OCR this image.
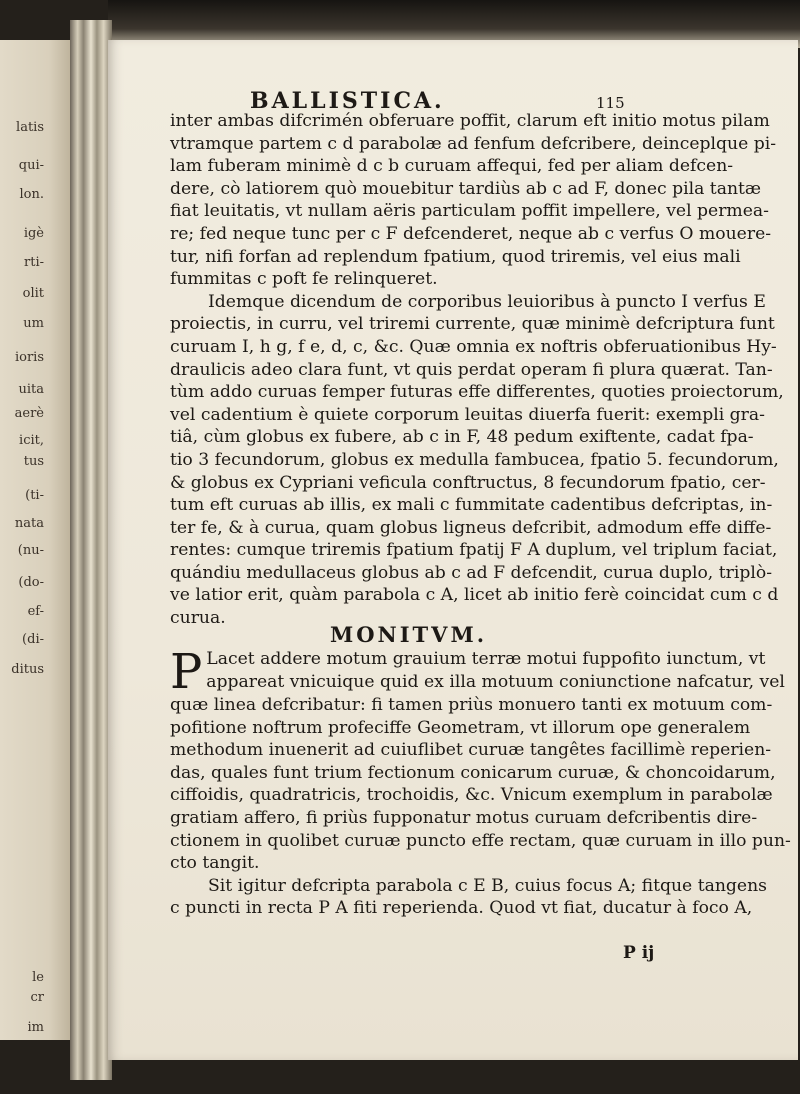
latis
qui-
lon.
igè
rti-
olit
um
ioris
uita
aerè
icit,
tus
(ti-
nata
(nu-
(do-
ef-
(di-
ditus
le
cr
im
BALLISTICA.	115
inter ambas difcrimén obferuare poffit, clarum eft initio motus pilam
vtramque partem c d parabolæ ad fenfum defcribere, deinceplque pi-
lam fuberam minimè d c b curuam affequi, fed per aliam defcen-
dere, cò latiorem quò mouebitur tardiùs ab c ad F, donec pila tantæ
fiat leuitatis, vt nullam aëris particulam poffit impellere, vel permea-
re; fed neque tunc per c F defcenderet, neque ab c verfus O mouere-
tur, nifi forfan ad replendum fpatium, quod triremis, vel eius mali
fummitas c poft fe relinqueret.
Idemque dicendum de corporibus leuioribus à puncto I verfus E
proiectis, in curru, vel triremi currente, quæ minimè defcriptura funt
curuam I, h g, f e, d, c, &c. Quæ omnia ex noftris obferuationibus Hy-
draulicis adeo clara funt, vt quis perdat operam fi plura quærat. Tan-
tùm addo curuas femper futuras effe differentes, quoties proiectorum,
vel cadentium è quiete corporum leuitas diuerfa fuerit: exempli gra-
tiâ, cùm globus ex fubere, ab c in F, 48 pedum exiftente, cadat fpa-
tio 3 fecundorum, globus ex medulla fambucea, fpatio 5. fecundorum,
& globus ex Cypriani veficula conftructus, 8 fecundorum fpatio, cer-
tum eft curuas ab illis, ex mali c fummitate cadentibus defcriptas, in-
ter fe, & à curua, quam globus ligneus defcribit, admodum effe diffe-
rentes: cumque triremis fpatium fpatij F A duplum, vel triplum faciat,
quándiu medullaceus globus ab c ad F defcendit, curua duplo, triplò-
ve latior erit, quàm parabola c A, licet ab initio ferè coincidat cum c d
curua.
MONITVM.
P Lacet addere motum grauium terræ motui fuppofito iunctum, vt
appareat vnicuique quid ex illa motuum coniunctione nafcatur, vel
quæ linea defcribatur: fi tamen priùs monuero tanti ex motuum com-
pofitione noftrum profeciffe Geometram, vt illorum ope generalem
methodum inuenerit ad cuiuflibet curuæ tangêtes facillimè reperien-
das, quales funt trium fectionum conicarum curuæ, & choncoidarum,
ciffoidis, quadratricis, trochoidis, &c. Vnicum exemplum in parabolæ
gratiam affero, fi priùs fupponatur motus curuam defcribentis dire-
ctionem in quolibet curuæ puncto effe rectam, quæ curuam in illo pun-
cto tangit.
Sit igitur defcripta parabola c E B, cuius focus A; fitque tangens
c puncti in recta P A fiti reperienda. Quod vt fiat, ducatur à foco A,
P ij
